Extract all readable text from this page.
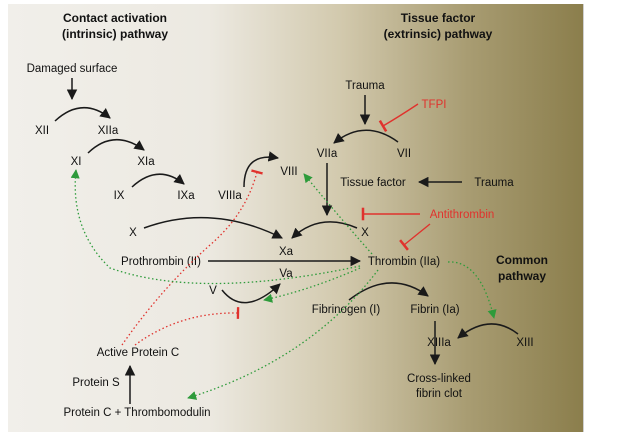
Contact activation
(intrinsic) pathway
Tissue factor
(extrinsic) pathway
Common
pathway
Damaged surface
XII	XIIa
XI	XIa
IX	IXa VIIIa
VIII
X
Xa
Va
V
Prothrombin (II)	Thrombin (IIa)
Trauma
TFPI
VIIa	VII
Tissue factor	Trauma
Antithrombin
X
Fibrinogen (I)	Fibrin (Ia)
XIIIa	XIII
Cross-linked
fibrin clot
Active Protein C
Protein S
Protein C + Thrombomodulin
